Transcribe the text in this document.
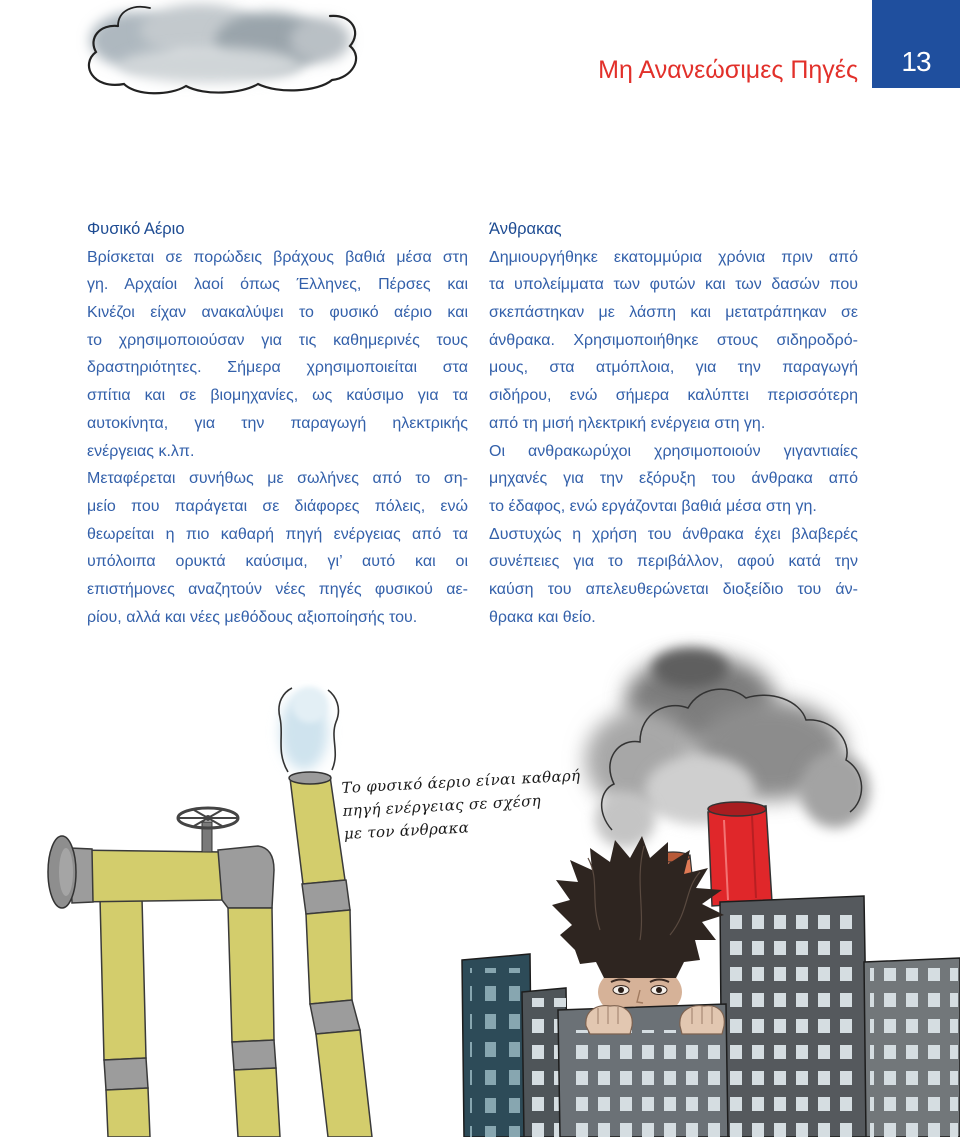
Μη Ανανεώσιμες Πηγές	13
Φυσικό Αέριο
Βρίσκεται σε πορώδεις βράχους βαθιά μέσα στη
γη. Αρχαίοι λαοί όπως Έλληνες, Πέρσες και
Κινέζοι είχαν ανακαλύψει το φυσικό αέριο και
το χρησιμοποιούσαν για τις καθημερινές τους
δραστηριότητες. Σήμερα χρησιμοποιείται στα
σπίτια και σε βιομηχανίες, ως καύσιμο για τα
αυτοκίνητα, για την παραγωγή ηλεκτρικής
ενέργειας κ.λπ.
Μεταφέρεται συνήθως με σωλήνες από το ση-
μείο που παράγεται σε διάφορες πόλεις, ενώ
θεωρείται η πιο καθαρή πηγή ενέργειας από τα
υπόλοιπα ορυκτά καύσιμα, γι’ αυτό και οι
επιστήμονες αναζητούν νέες πηγές φυσικού αε-
ρίου, αλλά και νέες μεθόδους αξιοποίησής του.
Άνθρακας
Δημιουργήθηκε εκατομμύρια χρόνια πριν από
τα υπολείμματα των φυτών και των δασών που
σκεπάστηκαν με λάσπη και μετατράπηκαν σε
άνθρακα. Χρησιμοποιήθηκε στους σιδηροδρό-
μους, στα ατμόπλοια, για την παραγωγή
σιδήρου, ενώ σήμερα καλύπτει περισσότερη
από τη μισή ηλεκτρική ενέργεια στη γη.
Οι ανθρακωρύχοι χρησιμοποιούν γιγαντιαίες
μηχανές για την εξόρυξη του άνθρακα από
το έδαφος, ενώ εργάζονται βαθιά μέσα στη γη.
Δυστυχώς η χρήση του άνθρακα έχει βλαβερές
συνέπειες για το περιβάλλον, αφού κατά την
καύση του απελευθερώνεται διοξείδιο του άν-
θρακα και θείο.
Το φυσικό άεριο είναι καθαρή
πηγή ενέργειας σε σχέση
με τον άνθρακα
